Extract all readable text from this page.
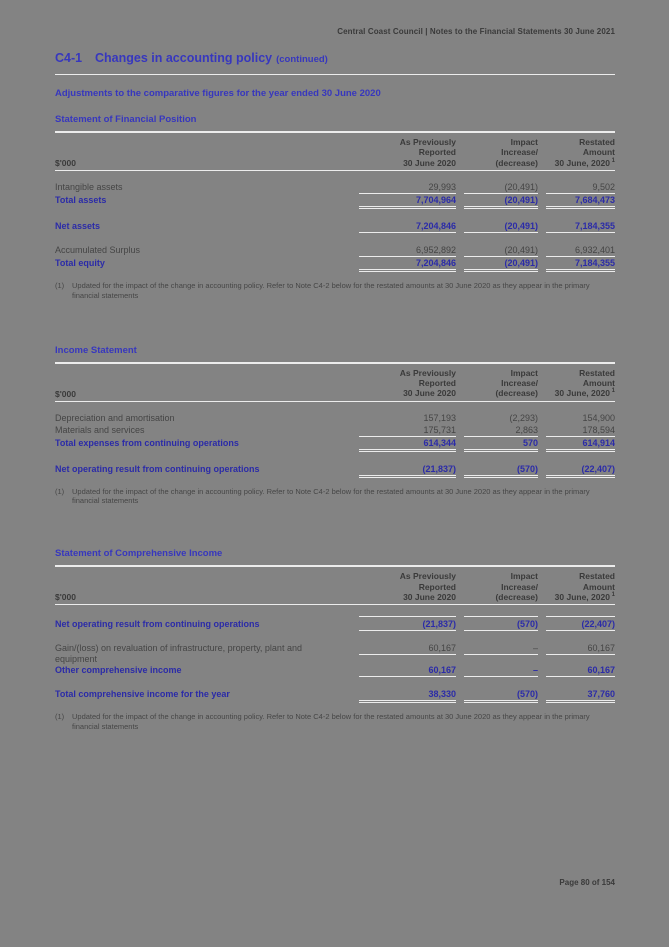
Central Coast Council | Notes to the Financial Statements 30 June 2021
C4-1	Changes in accounting policy (continued)
Adjustments to the comparative figures for the year ended 30 June 2020
Statement of Financial Position
$'000
As Previously
Reported
30 June 2020
Impact
Increase/
(decrease)
Restated
Amount
30 June, 2020  $^1$
Intangible assets	29,993	(20,491)	9,502
Total assets	7,704,964	(20,491)	7,684,473
Net assets	7,204,846	(20,491)	7,184,355
Accumulated Surplus	6,952,892	(20,491)	6,932,401
Total equity	7,204,846	(20,491)	7,184,355
(1)	Updated for the impact of the change in accounting policy. Refer to Note C4-2 below for the restated amounts at 30 June 2020 as they appear in the primary financial statements
Income Statement
$'000
As Previously
Reported
30 June 2020
Impact
Increase/
(decrease)
Restated
Amount
30 June, 2020  $^1$
Depreciation and amortisation	157,193	(2,293)	154,900
Materials and services	175,731	2,863	178,594
Total expenses from continuing operations	614,344	570	614,914
Net operating result from continuing operations	(21,837)	(570)	(22,407)
(1)	Updated for the impact of the change in accounting policy. Refer to Note C4-2 below for the restated amounts at 30 June 2020 as they appear in the primary financial statements
Statement of Comprehensive Income
$'000
As Previously
Reported
30 June 2020
Impact
Increase/
(decrease)
Restated
Amount
30 June, 2020  $^1$
Net operating result from continuing operations	(21,837)	(570)	(22,407)
Gain/(loss) on revaluation of infrastructure, property, plant and equipment
60,167	–	60,167
Other comprehensive income	60,167	–	60,167
Total comprehensive income for the year	38,330	(570)	37,760
(1)	Updated for the impact of the change in accounting policy. Refer to Note C4-2 below for the restated amounts at 30 June 2020 as they appear in the primary financial statements
Page 80 of 154
